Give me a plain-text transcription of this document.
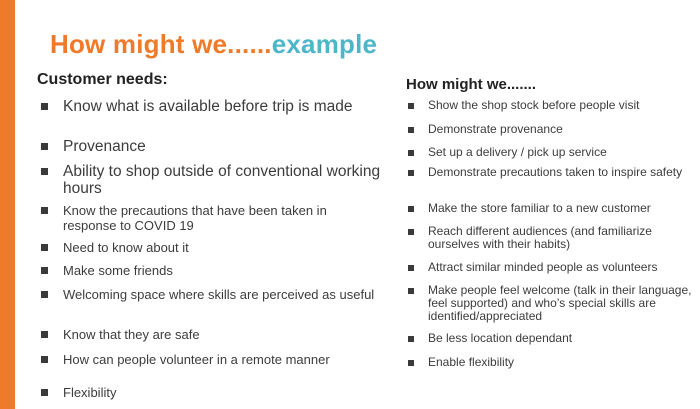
How might we......example
Customer needs:	How might we.......
Know what is available before trip is made
Provenance
Ability to shop outside of conventional working hours
Know the precautions that have been taken in response to COVID 19
Need to know about it
Make some friends
Welcoming space where skills are perceived as useful
Know that they are safe
How can people volunteer in a remote manner
Flexibility
Show the shop stock before people visit
Demonstrate provenance
Set up a delivery / pick up service
Demonstrate precautions taken to inspire safety
Make the store familiar to a new customer
Reach different audiences (and familiarize ourselves with their habits)
Attract similar minded people as volunteers
Make people feel welcome (talk in their language, feel supported) and who’s special skills are identified/appreciated
Be less location dependant
Enable flexibility
